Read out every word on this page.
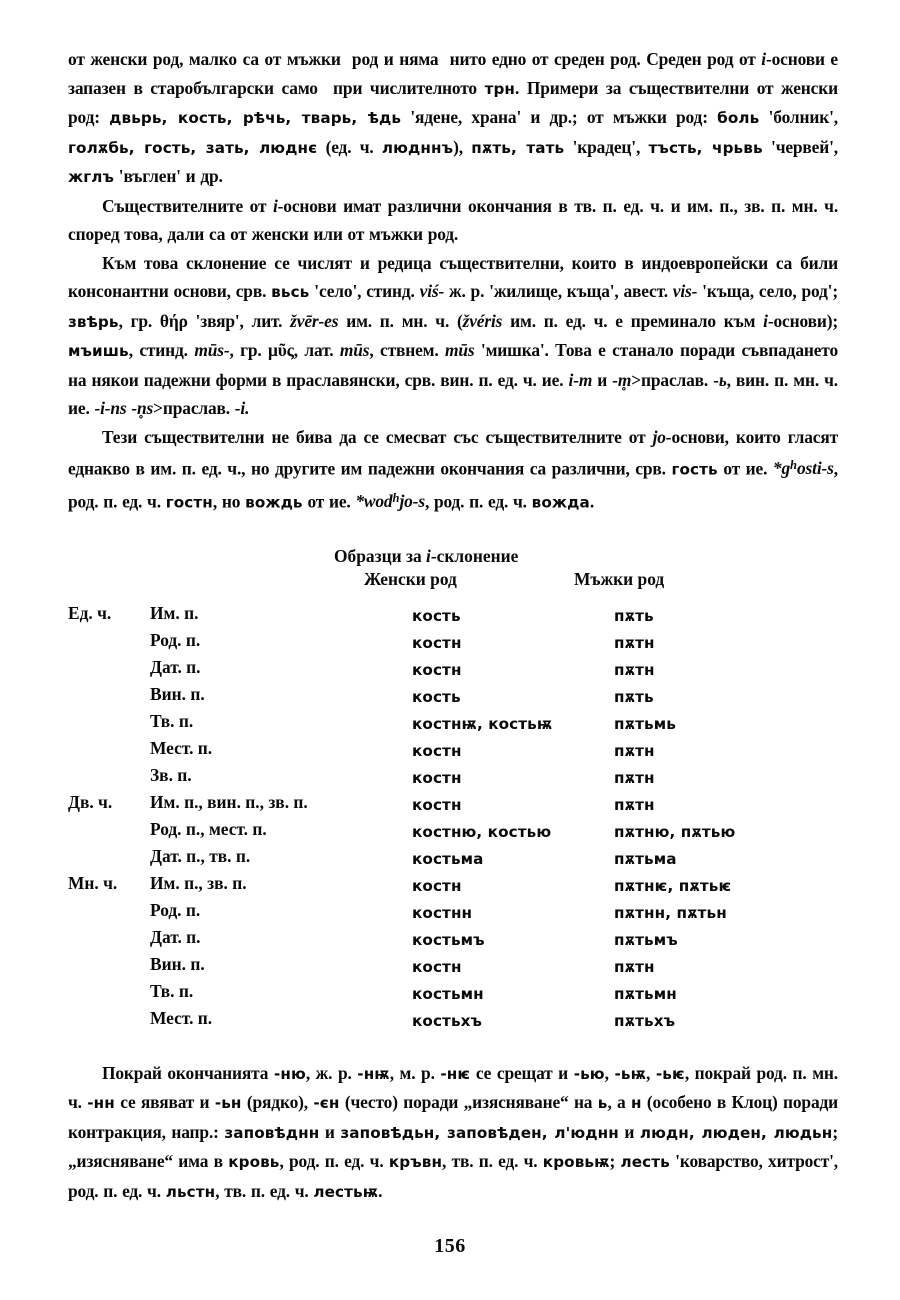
от женски род, малко са от мъжки  род и няма  нито едно от среден род. Среден род от i-основи е запазен в старобългарски само  при числителното трн. Примери за съществителни от женски род: двьрь, кость, рѣчь, тварь, ѣдь 'ядене, храна' и др.; от мъжки род: боль 'болник', голѫбь, гость, зать, люднє (ед. ч. людннъ), пѫть, тать 'крадец', тъсть, чрьвь 'червей', жглъ 'въглен' и др.

Съществителните от i-основи имат различни окончания в тв. п. ед. ч. и им. п., зв. п. мн. ч. според това, дали са от женски или от мъжки род.

Към това склонение се числят и редица съществителни, които в индоевропейски са били консонантни основи, срв. вьсь 'село', стинд. viś- ж. р. 'жилище, къща', авест. vis- 'къща, село, род'; звѣрь, гр. θήρ 'звяр', лит. žvēr-es им. п. мн. ч. (žvéris им. п. ед. ч. е преминало към i-основи); мъишь, стинд. mūs-, гр. μῦς, лат. mūs, ствнем. mūs 'мишка'. Това е станало поради съвпадането на някои падежни форми в праславянски, срв. вин. п. ед. ч. ие. i-m и -m̥>праслав. -ь, вин. п. мн. ч. ие. -i-ns -n̥s>праслав. -i.

Тези съществителни не бива да се смесват със съществителните от jo-основи, които гласят еднакво в им. п. ед. ч., но другите им падежни окончания са различни, срв. гость от ие. $*g^hosti-s$, род. п. ед. ч. гостн, но вождь от ие. *wod$^h$jo-s, род. п. ед. ч. вожда.

Образци за i-склонение
Женски род	Мъжки род
Ед. ч. Им. п.	кость	пѫть
Род. п.	костн	пѫтн
Дат. п.	костн	пѫтн
Вин. п.	кость	пѫть
Тв. п.	костнѭ, костьѭ	пѫтьмь
Мест. п.	костн	пѫтн
Зв. п.	костн	пѫтн
Дв. ч. Им. п., вин. п., зв. п.	костн	пѫтн
Род. п., мест. п.	костню, костью	пѫтню, пѫтью
Дат. п., тв. п.	костьма	пѫтьма
Мн. ч. Им. п., зв. п.	костн	пѫтнѥ, пѫтьѥ
Род. п.	костнн	пѫтнн, пѫтьн
Дат. п.	костьмъ	пѫтьмъ
Вин. п.	костн	пѫтн
Тв. п.	костьмн	пѫтьмн
Мест. п.	костьхъ	пѫтьхъ

Покрай окончанията -ню, ж. р. -нѭ, м. р. -нѥ се срещат и -ью, -ьѭ, -ьѥ, покрай род. п. мн. ч. -нн се явяват и -ьн (рядко), -єн (често) поради „изясняване“ на ь, а н (особено в Клоц) поради контракция, напр.: заповѣднн и заповѣдьн, заповѣден, л'юднн и людн, люден, людьн; „изясняване“ има в кровь, род. п. ед. ч. кръвн, тв. п. ед. ч. кровьѭ; лесть 'коварство, хитрост', род. п. ед. ч. льстн, тв. п. ед. ч. лестьѭ.

156
